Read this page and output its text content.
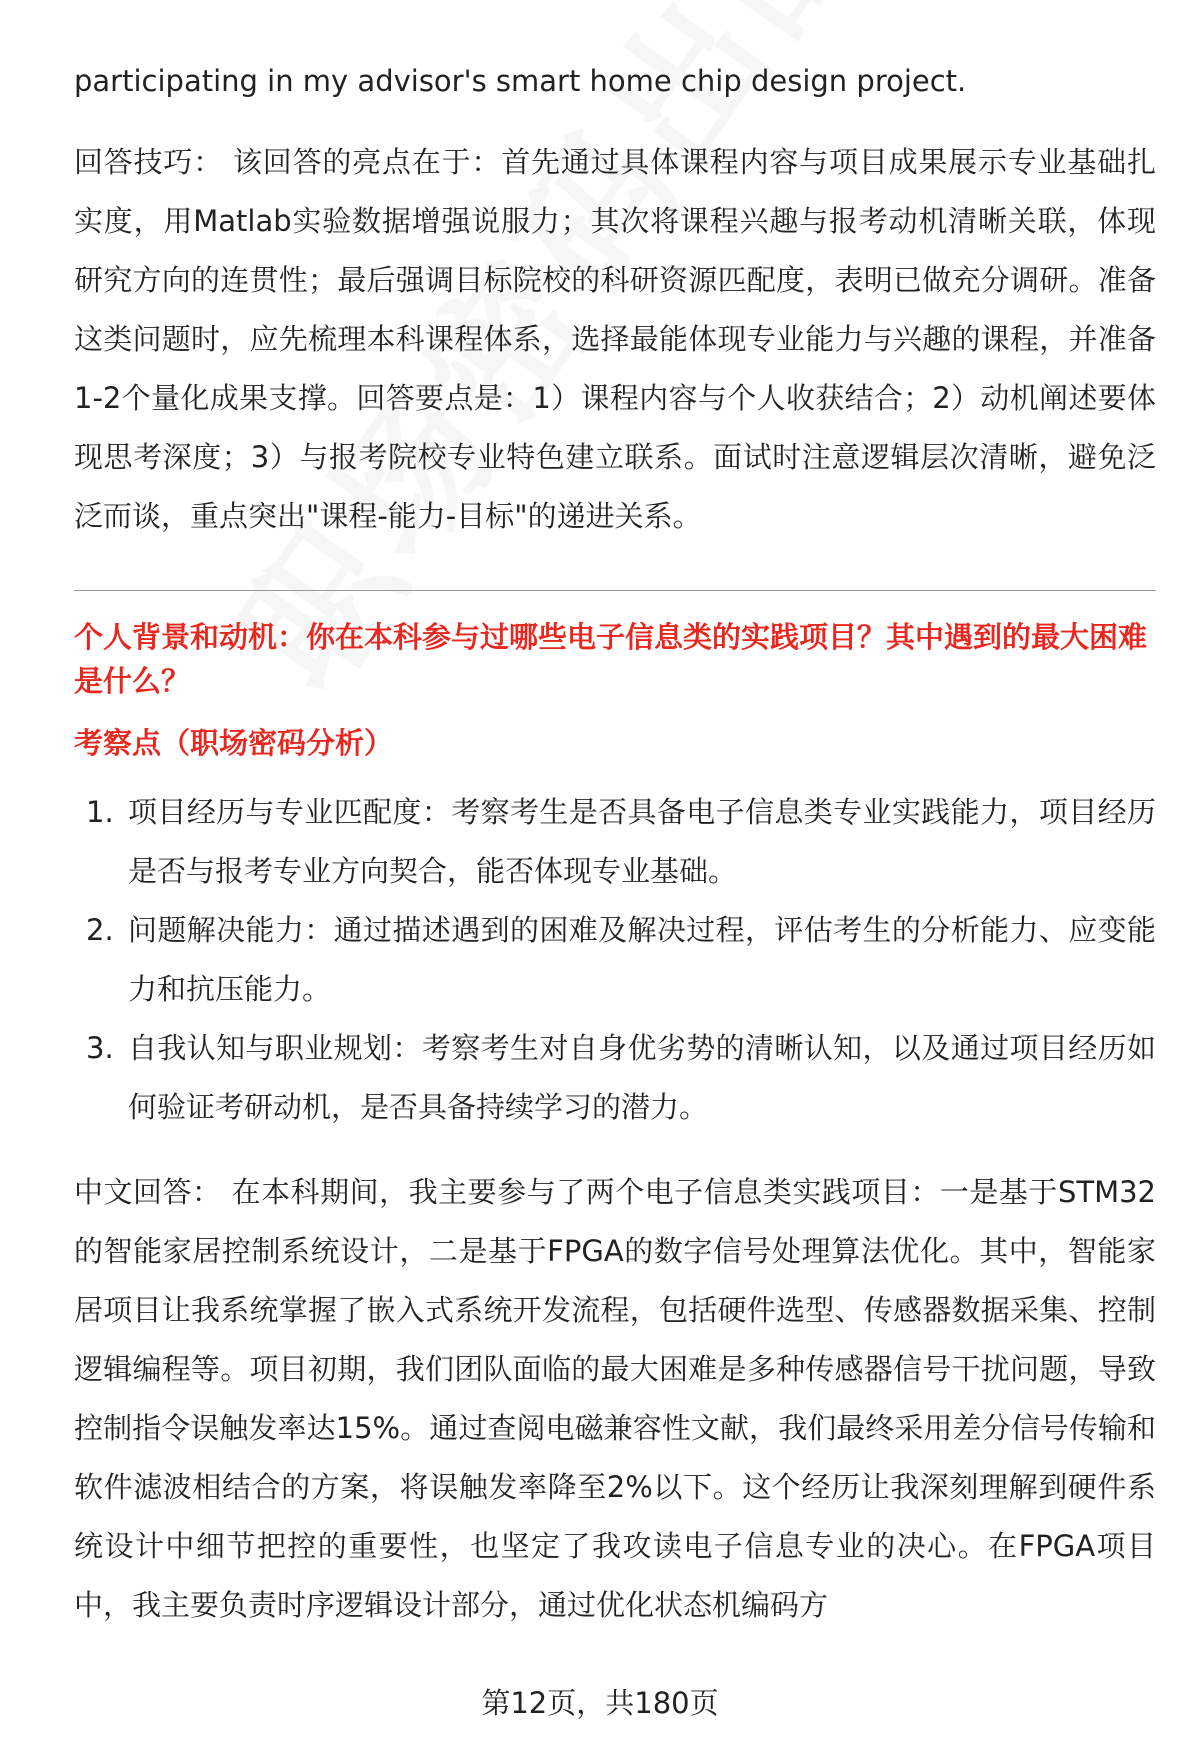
participating in my advisor's smart home chip design project.

回答技巧： 该回答的亮点在于：首先通过具体课程内容与项目成果展示专业基础扎实度，用Matlab实验数据增强说服力；其次将课程兴趣与报考动机清晰关联，体现研究方向的连贯性；最后强调目标院校的科研资源匹配度，表明已做充分调研。准备这类问题时，应先梳理本科课程体系，选择最能体现专业能力与兴趣的课程，并准备1-2个量化成果支撑。回答要点是：1）课程内容与个人收获结合；2）动机阐述要体现思考深度；3）与报考院校专业特色建立联系。面试时注意逻辑层次清晰，避免泛泛而谈，重点突出"课程-能力-目标"的递进关系。

个人背景和动机：你在本科参与过哪些电子信息类的实践项目？其中遇到的最大困难是什么？

考察点（职场密码分析）

1. 项目经历与专业匹配度：考察考生是否具备电子信息类专业实践能力，项目经历是否与报考专业方向契合，能否体现专业基础。
2. 问题解决能力：通过描述遇到的困难及解决过程，评估考生的分析能力、应变能力和抗压能力。
3. 自我认知与职业规划：考察考生对自身优劣势的清晰认知，以及通过项目经历如何验证考研动机，是否具备持续学习的潜力。

中文回答： 在本科期间，我主要参与了两个电子信息类实践项目：一是基于STM32的智能家居控制系统设计，二是基于FPGA的数字信号处理算法优化。其中，智能家居项目让我系统掌握了嵌入式系统开发流程，包括硬件选型、传感器数据采集、控制逻辑编程等。项目初期，我们团队面临的最大困难是多种传感器信号干扰问题，导致控制指令误触发率达15%。通过查阅电磁兼容性文献，我们最终采用差分信号传输和软件滤波相结合的方案，将误触发率降至2%以下。这个经历让我深刻理解到硬件系统设计中细节把控的重要性，也坚定了我攻读电子信息专业的决心。在FPGA项目中，我主要负责时序逻辑设计部分，通过优化状态机编码方

第12页，共180页
